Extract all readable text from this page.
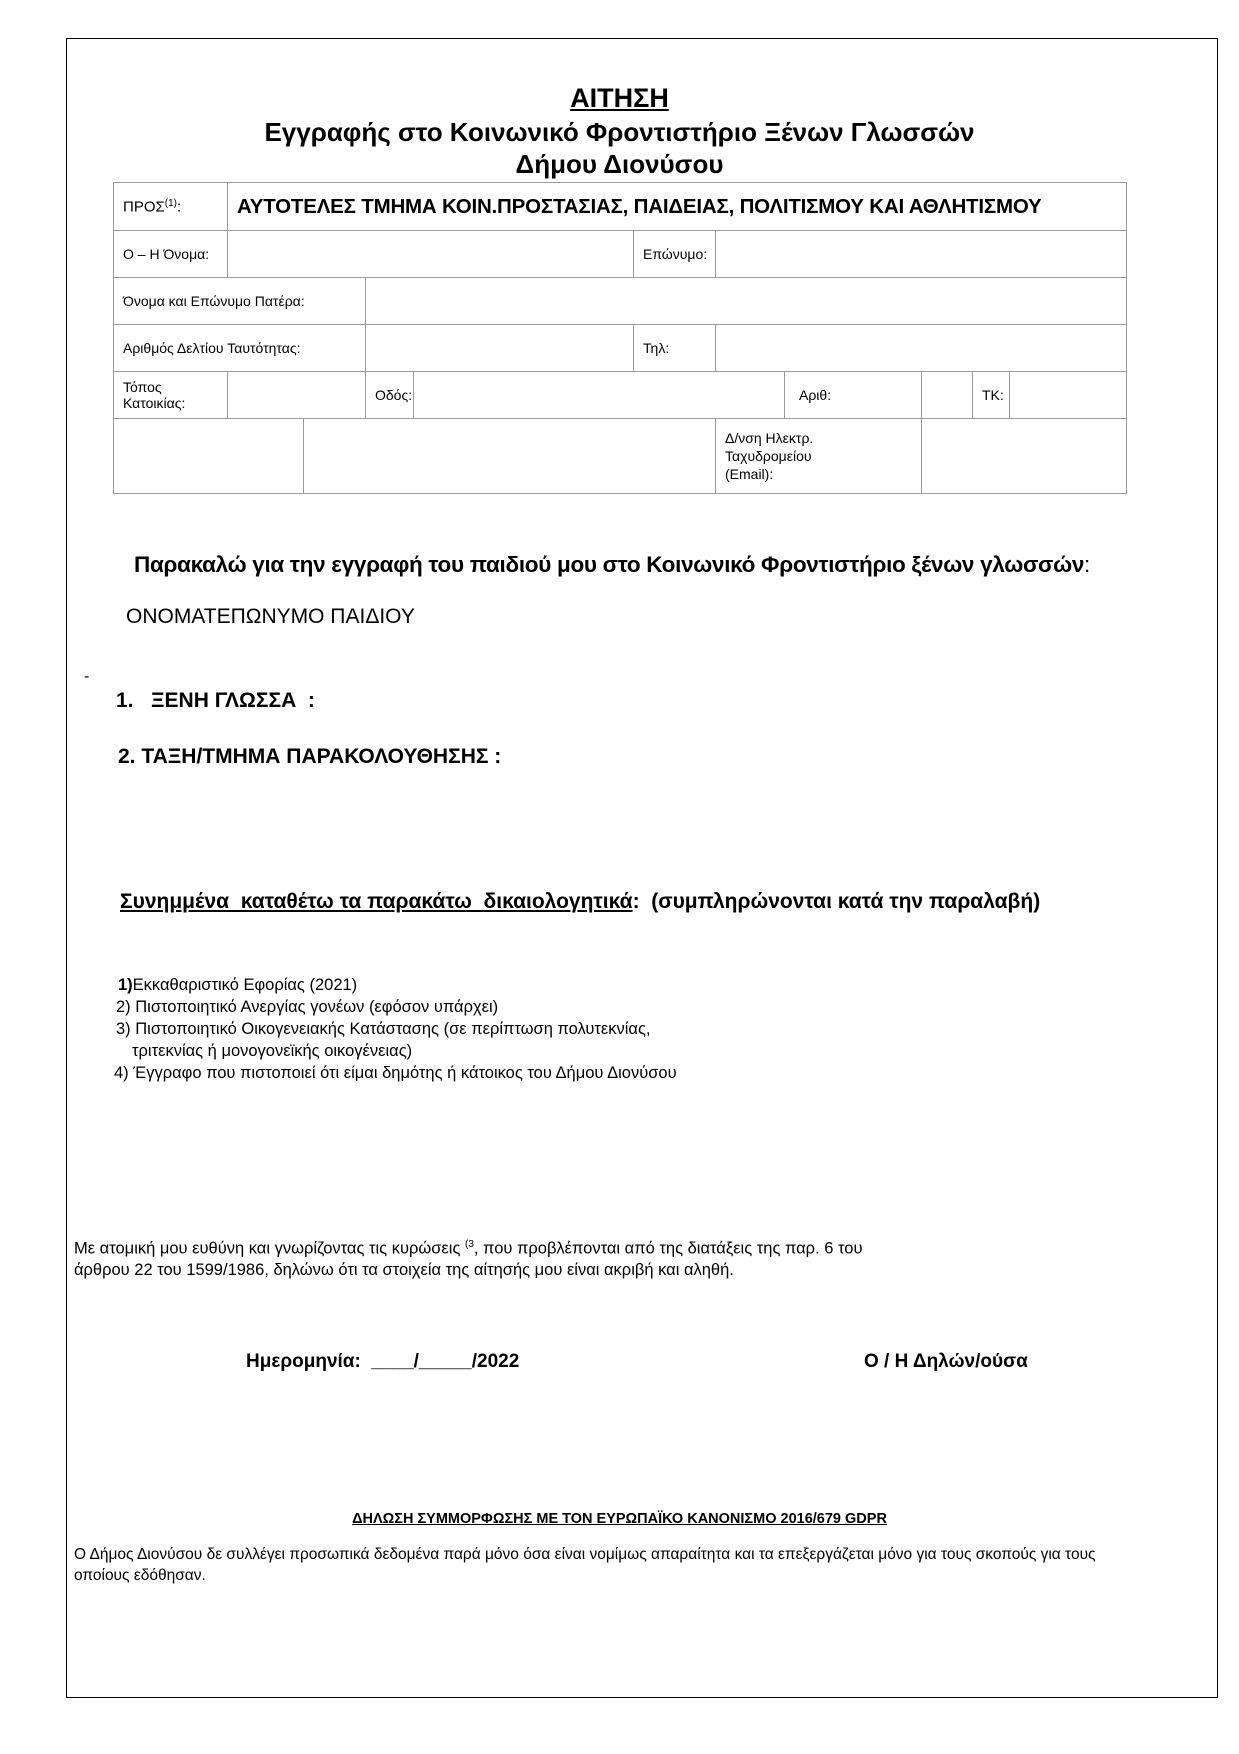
ΑΙΤΗΣΗ
Εγγραφής στο Κοινωνικό Φροντιστήριο Ξένων Γλωσσών
Δήμου Διονύσου
ΠΡΟΣ$^{(1)}$:	ΑΥΤΟΤΕΛΕΣ ΤΜΗΜΑ ΚΟΙΝ.ΠΡΟΣΤΑΣΙΑΣ, ΠΑΙΔΕΙΑΣ, ΠΟΛΙΤΙΣΜΟΥ ΚΑΙ ΑΘΛΗΤΙΣΜΟΥ									
Ο – Η Όνομα:					Επώνυμο:					
Όνομα και Επώνυμο Πατέρα:										
Αριθμός Δελτίου Ταυτότητας:					Τηλ:					
Τόπος Κατοικίας:			Οδός:				Αριθ:		ΤΚ:	

						Δ/νση Ηλεκτρ.
Ταχυδρομείου
(Email):				

Παρακαλώ για την εγγραφή του παιδιού μου στο Κοινωνικό Φροντιστήριο ξένων γλωσσών:
ΟΝΟΜΑΤΕΠΩΝΥΜΟ ΠΑΙΔΙΟΥ
-
1.   ΞΕΝΗ ΓΛΩΣΣΑ  :
2. ΤΑΞΗ/ΤΜΗΜΑ ΠΑΡΑΚΟΛΟΥΘΗΣΗΣ :
Συνημμένα  καταθέτω τα παρακάτω  δικαιολογητικά:  (συμπληρώνονται κατά την παραλαβή)
1)Εκκαθαριστικό Εφορίας (2021)
2) Πιστοποιητικό Ανεργίας γονέων (εφόσον υπάρχει)
3) Πιστοποιητικό Οικογενειακής Κατάστασης (σε περίπτωση πολυτεκνίας,
τριτεκνίας ή μονογονεϊκής οικογένειας)
4) Έγγραφο που πιστοποιεί ότι είμαι δημότης ή κάτοικος του Δήμου Διονύσου
Με ατομική μου ευθύνη και γνωρίζοντας τις κυρώσεις $^{(3}$, που προβλέπονται από της διατάξεις της παρ. 6 του
άρθρου 22 του 1599/1986, δηλώνω ότι τα στοιχεία της αίτησής μου είναι ακριβή και αληθή.
Ημερομηνία:  ____/_____/2022	Ο / Η Δηλών/ούσα
ΔΗΛΩΣΗ ΣΥΜΜΟΡΦΩΣΗΣ ΜΕ ΤΟΝ ΕΥΡΩΠΑΪΚΟ ΚΑΝΟΝΙΣΜΟ 2016/679 GDPR
Ο Δήμος Διονύσου δε συλλέγει προσωπικά δεδομένα παρά μόνο όσα είναι νομίμως απαραίτητα και τα επεξεργάζεται μόνο για τους σκοπούς για τους
οποίους εδόθησαν.
